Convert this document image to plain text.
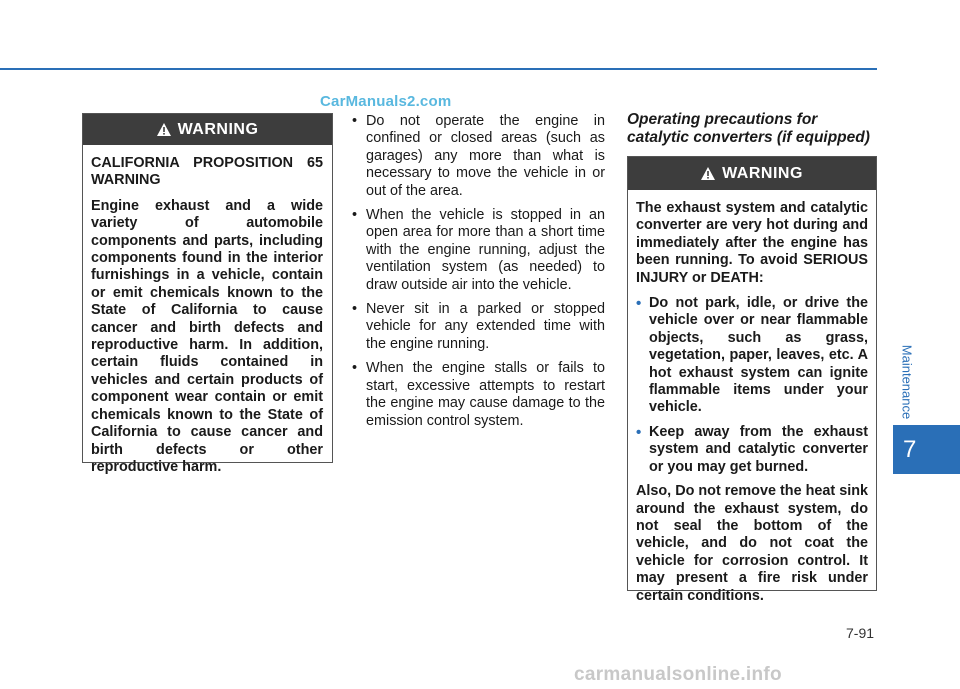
CarManuals2.com
WARNING

CALIFORNIA PROPOSITION 65 WARNING

Engine exhaust and a wide variety of automobile components and parts, including components found in the interior furnishings in a vehicle, contain or emit chemicals known to the State of California to cause cancer and birth defects and reproductive harm. In addition, certain fluids contained in vehicles and certain products of component wear contain or emit chemicals known to the State of California to cause cancer and birth defects or other reproductive harm.

• Do not operate the engine in confined or closed areas (such as garages) any more than what is necessary to move the vehicle in or out of the area.
• When the vehicle is stopped in an open area for more than a short time with the engine running, adjust the ventilation system (as needed) to draw outside air into the vehicle.
• Never sit in a parked or stopped vehicle for any extended time with the engine running.
• When the engine stalls or fails to start, excessive attempts to restart the engine may cause damage to the emission control system.
Operating precautions for catalytic converters (if equipped)
WARNING

The exhaust system and catalytic converter are very hot during and immediately after the engine has been running. To avoid SERIOUS INJURY or DEATH:

• Do not park, idle, or drive the vehicle over or near flammable objects, such as grass, vegetation, paper, leaves, etc. A hot exhaust system can ignite flammable items under your vehicle.
• Keep away from the exhaust system and catalytic converter or you may get burned.

Also, Do not remove the heat sink around the exhaust system, do not seal the bottom of the vehicle, and do not coat the vehicle for corrosion control. It may present a fire risk under certain conditions.

Maintenance
7
7-91
carmanualsonline.info
